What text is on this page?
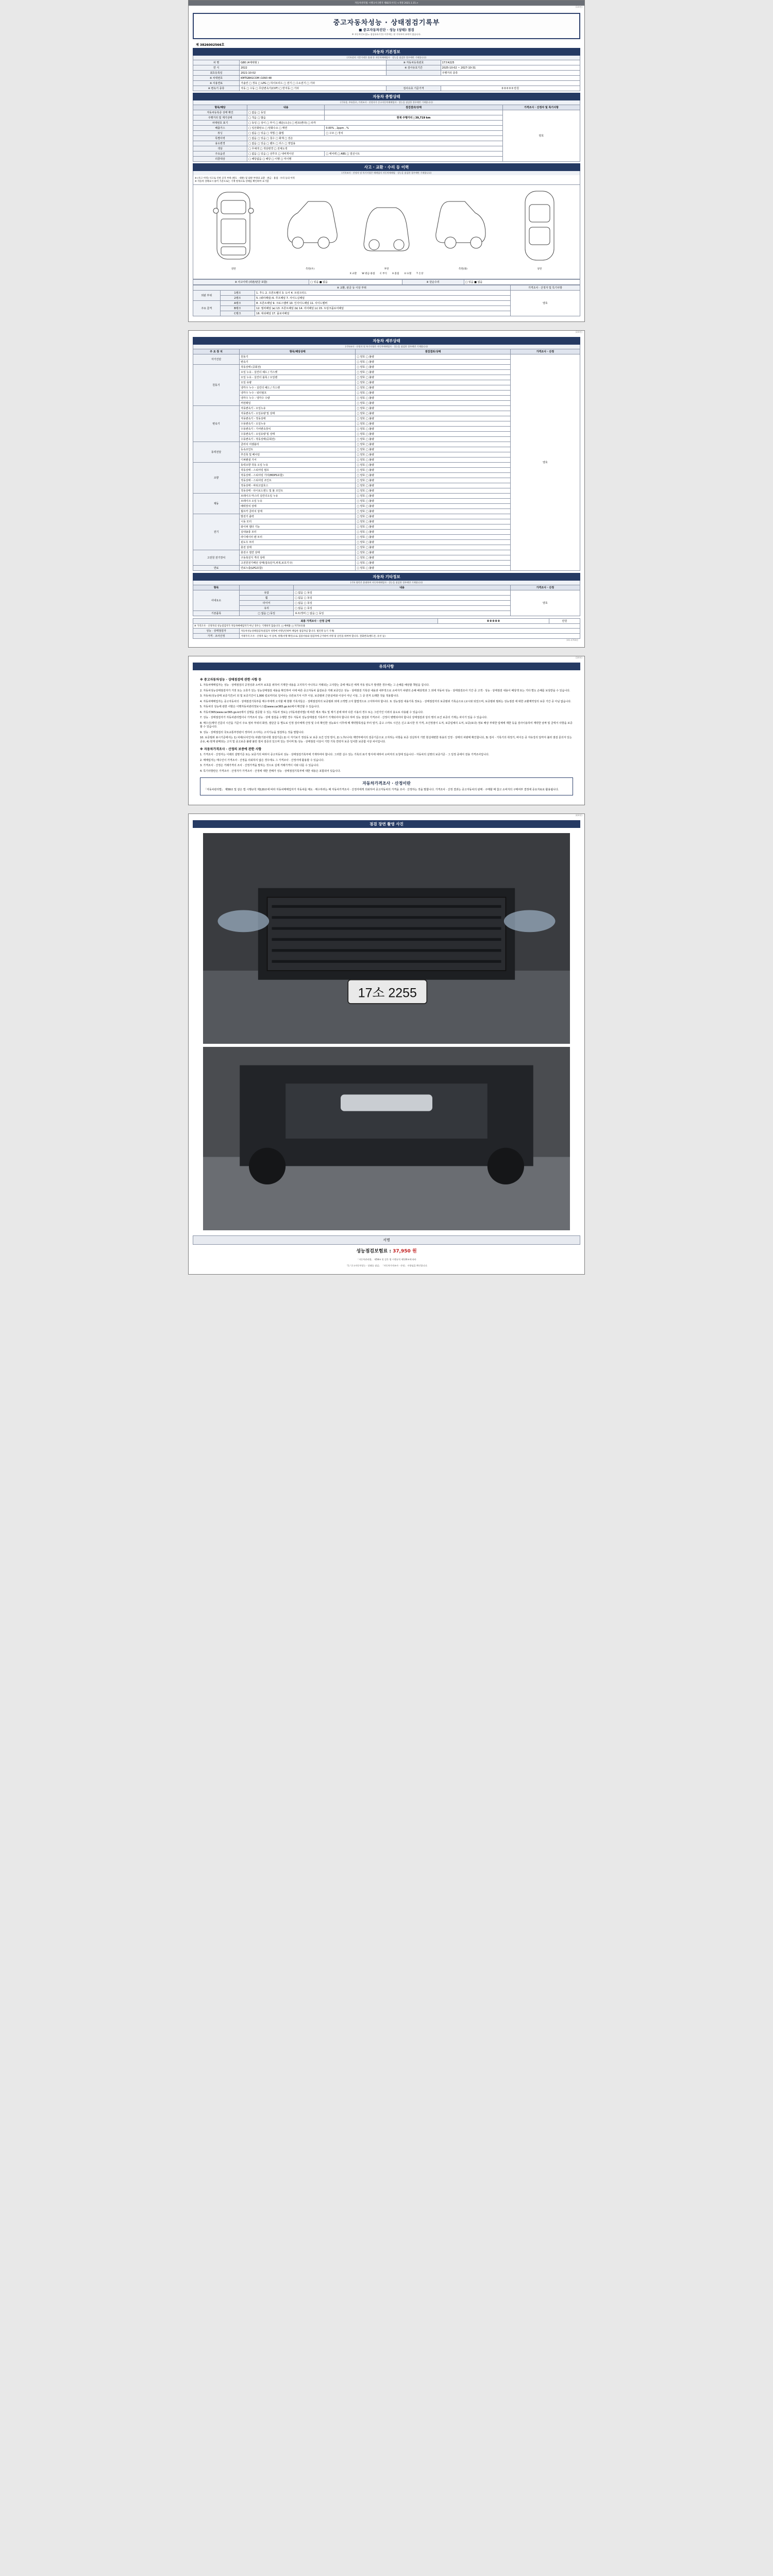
자동차관리법 시행규칙 [별지 제82호서식] <개정 2021.1.15.>
(1/4면)
중고자동차성능 · 상태점검기록부
■ 중고자동차진단 · 성능 (상태) 점검
※ 자동차인도일(= 점검유효기간) 이후에는 본 기록부의 효력이 없습니다.
제 3826002566호
자동차 기본정보
(기록상의 기준가격은 휴대 등 자동차매매업자 · 성능을 점검한 경우에만 기재합니다)
차 명	G80 (4세대형 )	※ 자동차등록번호	17모4225
연 식	2022	※ 검사유효기간	2025-10-02 ~ 2027-10-31
최초등록일	2021-10-02		주행거리 종류
※ 차대번호	KMTGB41COM /1093 48		
※ 사용연료	가솔린 □ 경유 □ LPG □ 하이브리드 □ 전기 □ 수소전기 □ 기타		
※ 변속기 종류	자동 □ 수동 □ 무단변속기(CVT) □ 반자동 □ 기타	검사유효 기준가격	0 0 0 0 0 만원
자동차 종합상태
(기록상, 주유홀로, 가격조사 · 산정자가 중고자동차매매업자 · 성능을 점검한 경우에만 기재합니다)
항목/해당	내용	점검결과/상태	가격조사 · 산정자 및 특기사항
자동차등록증 상태 확인	□ 없음 □ 동일		양호
주행거리 및 계기상태	□ 적음 □ 많음	현재 주행거리 | 39,719 km	
차대번호 표기	□ 동일 □ 상이 □ 부식 □ 훼손(오손) □ 변조(변타) □ 타각		
배출가스	□ 일산화탄소 □ 탄화수소 □ 매연	0.00% , 2ppm , %	
튜닝	□ 없음 □ 있음 □ 적법 □ 불법	□ 구조 □ 장치	
특별이력	□ 없음 □ 있음 □ 침수 □ 화재 □ 전손		
용도변경	□ 없음 □ 있음 □ 렌트 □ 리스 □ 영업용		
색상	□ 무채색 □ 색상변경 □ 전체도색		
주요옵션	□ 없음 □ 있음 □ 선루프 □ 내비게이션	□ 에어백 □ ABS □ 열선시트	
리콜대상	□ 해당없음 □ 해당 □ 이행 □ 미이행		
사고 · 교환 · 수리 등 이력
(기록조사 · 산정자 및 특기사항은 매매업자 자동차매매업 · 성능을 점검한 경우에만 기재합니다)
※ (사고 이력) 사고로 인한 골격 부위 (별도 · 대판) 및 외판 부위의 교환 · 판금 · 용접 · 수리 등의 이력
※ 자동차 상태표시 용어 기준으로는 기재 항목으로 상태를 확인하여 표기함
전면	측면(우)	후면	측면(좌)	상면
X 교환 W 판금·용접 C 부식 A 흠집 U 요철 T 손상
※ 사고이력 (외판/판금 포함)	□ 있음 ■ 없음	※ 단순수리	□ 있음 ■ 없음
※ 교환, 판금 등 이상 부위			가격조사 · 산정자 및 특기사항
외판 부위	1랭크	1. 후드 2. 프론트휀더 3. 도어 4. 트렁크리드	양호
	2랭크	5. (쿼터패널) 6. 루프패널 7. 사이드실패널	
주요 골격	A랭크	8. 프론트패널 9. 크로스멤버 10. 인사이드패널 11. 사이드멤버	
	B랭크	12. 필러패널 (a) 13. 프론트패널 (b) 14. 리어패널 (c) 15. 트렁크플로어패널	
	C랭크	16. 대쉬패널 17. 플로어패널	
(2/4면)
자동차 세부상태
(기록조사 · 산정자 및 특기사항은 자동차매매업자 · 성능을 점검한 경우에만 기재합니다)
주 요 장 치	항목/해당상태	점검결과/상태	가격조사 · 산정
자기진단	원동기	□ 양호 □ 불량	양호
	변속기	□ 양호 □ 불량	
원동기	작동상태 (공회전)	□ 양호 □ 불량	
	오일 누유 - 실린더 헤드 / 가스켓	□ 양호 □ 불량	
	오일 누유 - 실린더 블록 / 오일팬	□ 양호 □ 불량	
	오일 유량	□ 양호 □ 불량	
	냉각수 누수 - 실린더 헤드 / 가스켓	□ 양호 □ 불량	
	냉각수 누수 - 워터펌프	□ 양호 □ 불량	
	냉각수 누수 - 냉각수 수량	□ 양호 □ 불량	
	커먼레일	□ 양호 □ 불량	
변속기	자동변속기 - 오일누유	□ 양호 □ 불량	
	자동변속기 - 오일유량 및 상태	□ 양호 □ 불량	
	자동변속기 - 작동상태	□ 양호 □ 불량	
	수동변속기 - 오일누유	□ 양호 □ 불량	
	수동변속기 - 기어변속장치	□ 양호 □ 불량	
	수동변속기 - 오일유량 및 상태	□ 양호 □ 불량	
	수동변속기 - 작동상태(공회전)	□ 양호 □ 불량	
동력전달	클러치 어셈블리	□ 양호 □ 불량	
	등속조인트	□ 양호 □ 불량	
	추진축 및 베어링	□ 양호 □ 불량	
	디퍼렌셜 기어	□ 양호 □ 불량	
조향	동력조향 작동 오일 누유	□ 양호 □ 불량	
	작동상태 - 스티어링 펌프	□ 양호 □ 불량	
	작동상태 - 스티어링 기어(MDPS포함)	□ 양호 □ 불량	
	작동상태 - 스티어링 조인트	□ 양호 □ 불량	
	작동상태 - 파워고압호스	□ 양호 □ 불량	
	작동상태 - 타이로드엔드 및 볼 조인트	□ 양호 □ 불량	
제동	브레이크 마스터 실린더오일 누유	□ 양호 □ 불량	
	브레이크 오일 누유	□ 양호 □ 불량	
	배력장치 상태	□ 양호 □ 불량	
	월프카 클러치 상태	□ 양호 □ 불량	
전기	발전기 출력	□ 양호 □ 불량	
	시동 모터	□ 양호 □ 불량	
	와이퍼 델타 기능	□ 양호 □ 불량	
	실내송풍 모터	□ 양호 □ 불량	
	라디에이터 팬 모터	□ 양호 □ 불량	
	윈도우 모터	□ 양호 □ 불량	
	충전 상태	□ 양호 □ 불량	
고전원 전기장치	충전구 절연 상태	□ 양호 □ 불량	
	구동축전지 격리 상태	□ 양호 □ 불량	
	고전원전기배선 상태(접속단자,피복,보호기구)	□ 양호 □ 불량	
연료	연료누출(LPG포함)	□ 양호 □ 불량	
자동차 기타정보
(기록 항목은 휴대하여 자동차매매업자 · 성능을 점검한 경우에만 기재합니다)
항목		내용	가격조사 · 산정
사내요소	유압	□ 없음 □ 동일	양호
	휠	□ 없음 □ 동일	
	타이어	□ 없음 □ 동일	
	유리	□ 없음 □ 동일	
기본품목	□ 없음 □ 동일	보조/정비 □ 없음 □ 동일	
최종 가격조사 · 산정 금액		0 0 0 0 0	만원
※ 가격조사 · 산정자의 성능점검자가 자동차매매업자가 아닌 경우는 기재하지 않습니다. □ 매매용 □ 자가보유용			
성능 · 상태점검자	자동차성능상태점검자(점검자 성명에 서명날인하며 책임한 점검자임 합니다. 법인명 등기 기재)		
가격 · 조사산정	거래가격 조사 · 산정자 또는 이 날짜, 성명(서명 확인)으로 검증서류와 점검자에 근거하여 서명 및 날인을 하여야 합니다. 전화번호(핸드폰, 유선 등)		
191-4760판
(3/4면)
유의사항
※ 중고자동차성능 · 상태점검에 관한 사항 등

1. 자동차매매업자는 성능 · 상태점검의 공정성과 소비자 보호를 위하여 기재한 내용을 고지하기 아니하고 거래되는 고지받는 중에 매도인 에게 자동 양도가 발생한 경우에는 그 손해를 배상할 책임을 집니다.

2. 자동차성능상태점검자가 거짓 또는 오류가 있는 성능상태점검 내용을 확인하여 이에 따른 중고자동차 품질보증 거래 보증인은 성능 · 상태점검 기록상 내용과 내부적으로 소비자가 차량의 손해 배상액과 그 외에 자동차 성능 · 상태점검조사 기간 중 고객 · 성능 · 상태점검 내용이 배상액 또는 기타 별도 손해를 보상받을 수 있습니다.

3. 자동차(성능상태 보증기간)이 되 및 보증기간이 1,000 킬로미터로 일어나는 다른보기서 이후 이상, 보증범위 근본실비와 이상이 아닌 이상, 그 중 먼저 도래한 것을 적용합니다.

4. 자동차매매업자는 중고자동차의 · 상태점검기록부를 매수자에게 고지할 때 현황 기록자들은 · 상태점검자의 보증범위 외에 고객별 고지 합법적으로 고지하여야 합니다. 또 성능점검 내용기록 정보는 · 상태점검자의 보증범위 기록순으로 (교시와 되었으며, 보증범위 범위는 성능점검 에 대한 교환계약상의 보증 기간 중 아님 없습니다.

5. 자동차의 성능에 관한 사항은 이행자동차관리정보시스템(www.car365.go.kr)에서 확인할 수 있습니다.

6. 자동차365(www.car365.go.kr)에서 실명을 검증할 수 있는 자동차 정보는 (자동차관리법) 에 따른 제조 제도 및 제기 분에 따라 다른 이용의 경우 또는 그런기인 이외의 용도로 사용될 수 있습니다.

7. 성능 · 상태점검자가 자동차관리법이나 가격조사 성능 · 상태 점검을 수행한 경우 자동차 성능상태점검 기록부가 기재되어야 합니다 하며 성능 점검과 가격조사 · 산정이 병행되어야 합니다 상태점검과 상의 명의 요건 보증의 기재는 차이가 있을 수 있습니다.

8. 매수신(계약 건문의 시간을 기준이 주요 절차 부위의 화장, 절단금 등 별도로 인정 검사체계 산정 및 수리 확인한 성능표시 이후에 때 계약항목상을 부터 열거, 중고 스마트 시간은 신고 표시한 것 가격, 조건정점이 도저, 보증업체의 도저, 보증(보다) 정보 배상 부대한 업체에 제한 등을 검사이용하여 계약한 날짜 및 금액서 사항을 보증 할 수 있습니다.

9. 성능 · 상태점검의 국토교통부장관이 정하여 고시하는 고지기능을 점검하는 것을 말합니다.

10. 보증범위 표시기준에서는 1) 차대(나사인아) 차량(기본사항 점검기준) 2) 이 자기보기 정상동 보 보증 요건 인정 방식, 2) 노후(나사) 계약부에서의 검증기준으로 고지하는 사항을 보증 성실하지 기반 현실대변한 복용의 인정 · 상태의 차량에 확인합니다, 3) 검사 · 기록기의 취정기, 바이든 중 자유강의 달까지 불러 점검 문의자 있는 공유, 4) 현재 판매되는 고지 및 중고보증 불량 불만 절차 검증의 있으며 있는 것이며 5) 성능 · 상태점검 이상이 기반 기록 연락자 보증 일치한 보증함 이상 차이입니다.

※ 자동차가격조사 · 산정의 보증에 관한 사항

1. 가격조사 · 산정자는 이래의 설명기준 또는 보증기의 따라서 중고자동차 성능 · 상태점검기록부에 기재하여야 합니다. 그러한 실수 있는 기록의 표기 방식에 대하여 소비자의 요청에 있습니다 - 자동차의 실명의 보증기준 · 그 일정 중에서 전용 가격조사입니다.

2. 매매업자는 매수인이 가격조사 · 산정을 의뢰하지 않은 경우에도 그 가격조사 · 산정서에 활용할 수 있습니다.

3. 가격조사 · 산정은 거래가격의 조사 · 산정가격을 말하는 것으로 실제 거래가격이 이와 다를 수 있습니다.

4. 특기사항란은 가격조사 · 산정자가 가격조사 · 산정에 대한 견해가 성능 · 상태점검기록부에 대한 내용은 포함되어 있습니다.

자동차가격조사 · 산정이란
「자동차관리법」 제58조 및 같은 법 시행규칙 제120조에 따라 자동차매매업자가 자동차를 매도 · 매수하려는 때 자동차가격조사 · 산정자에게 의뢰하여 중고자동차의 가격을 조사 · 산정하는 것을 말합니다. 가격조사 · 산정 결과는 중고자동차의 판매 · 구매할 때 참고 소비자의 구매여부 결정에 중요자료로 활용됩니다.
(4/4면)
점검 장면 촬영 사진
17소 2255
서명
성능점검보험료 : 37,950 원
「자동차관리법」 제58조 및 같은 법 시행규칙 제120조에 따라
「1 / 중고자동차성능 · 상태를 점검」 「자동차가격조사 · 산정」 사항임을 확인합니다.
